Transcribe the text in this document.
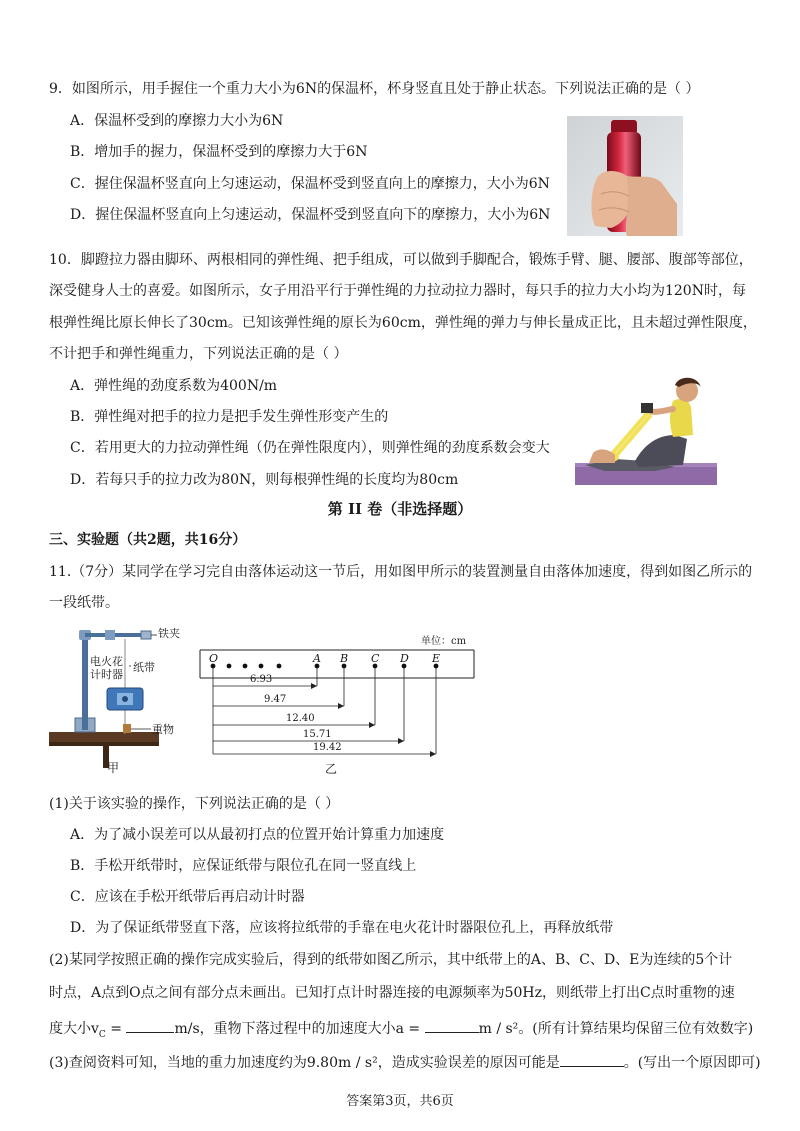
9．如图所示，用手握住一个重力大小为6N的保温杯，杯身竖直且处于静止状态。下列说法正确的是（ ）
A．保温杯受到的摩擦力大小为6N
B．增加手的握力，保温杯受到的摩擦力大于6N
C．握住保温杯竖直向上匀速运动，保温杯受到竖直向上的摩擦力，大小为6N
D．握住保温杯竖直向上匀速运动，保温杯受到竖直向下的摩擦力，大小为6N
10．脚蹬拉力器由脚环、两根相同的弹性绳、把手组成，可以做到手脚配合，锻炼手臂、腿、腰部、腹部等部位，
深受健身人士的喜爱。如图所示，女子用沿平行于弹性绳的力拉动拉力器时，每只手的拉力大小均为120N时，每
根弹性绳比原长伸长了30cm。已知该弹性绳的原长为60cm，弹性绳的弹力与伸长量成正比，且未超过弹性限度，
不计把手和弹性绳重力，下列说法正确的是（ ）
A．弹性绳的劲度系数为400N/m
B．弹性绳对把手的拉力是把手发生弹性形变产生的
C．若用更大的力拉动弹性绳（仍在弹性限度内），则弹性绳的劲度系数会变大
D．若每只手的拉力改为80N，则每根弹性绳的长度均为80cm
第 II 卷（非选择题）
三、实验题（共2题，共16分）
11.（7分）某同学在学习完自由落体运动这一节后，用如图甲所示的装置测量自由落体加速度，得到如图乙所示的
一段纸带。
铁夹
电火花
计时器
纸带
重物
甲
单位：cm
O	A B C D E
6.93
9.47
12.40
15.71
19.42
乙
(1)关于该实验的操作，下列说法正确的是（ ）
A．为了减小误差可以从最初打点的位置开始计算重力加速度
B．手松开纸带时，应保证纸带与限位孔在同一竖直线上
C．应该在手松开纸带后再启动计时器
D．为了保证纸带竖直下落，应该将拉纸带的手靠在电火花计时器限位孔上，再释放纸带
(2)某同学按照正确的操作完成实验后，得到的纸带如图乙所示，其中纸带上的A、B、C、D、E为连续的5个计
时点，A点到O点之间有部分点未画出。已知打点计时器连接的电源频率为50Hz，则纸带上打出C点时重物的速
度大小$v_C$ =	m/s，重物下落过程中的加速度大小a =	m / s²。(所有计算结果均保留三位有效数字)
(3)查阅资料可知，当地的重力加速度约为9.80m / s²，造成实验误差的原因可能是	。(写出一个原因即可)
答案第3页，共6页
